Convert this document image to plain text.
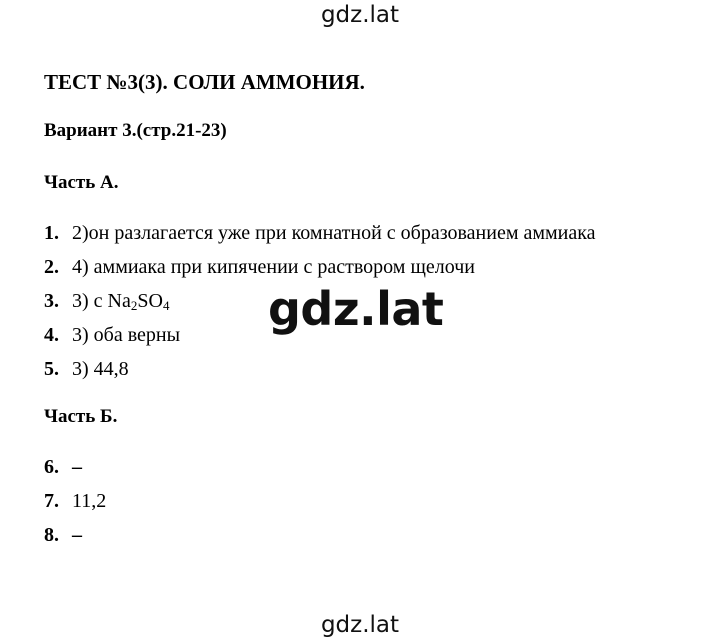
gdz.lat
ТЕСТ №3(3). СОЛИ АММОНИЯ.
Вариант 3.(стр.21-23)
Часть А.
1. 2)он разлагается уже при комнатной с образованием аммиака
2. 4) аммиака при кипячении с раствором щелочи
3. 3) с $Na_2SO_4$
4. 3) оба верны
5. 3) 44,8
Часть Б.
6. –
7. 11,2
8. –
gdz.lat
gdz.lat
